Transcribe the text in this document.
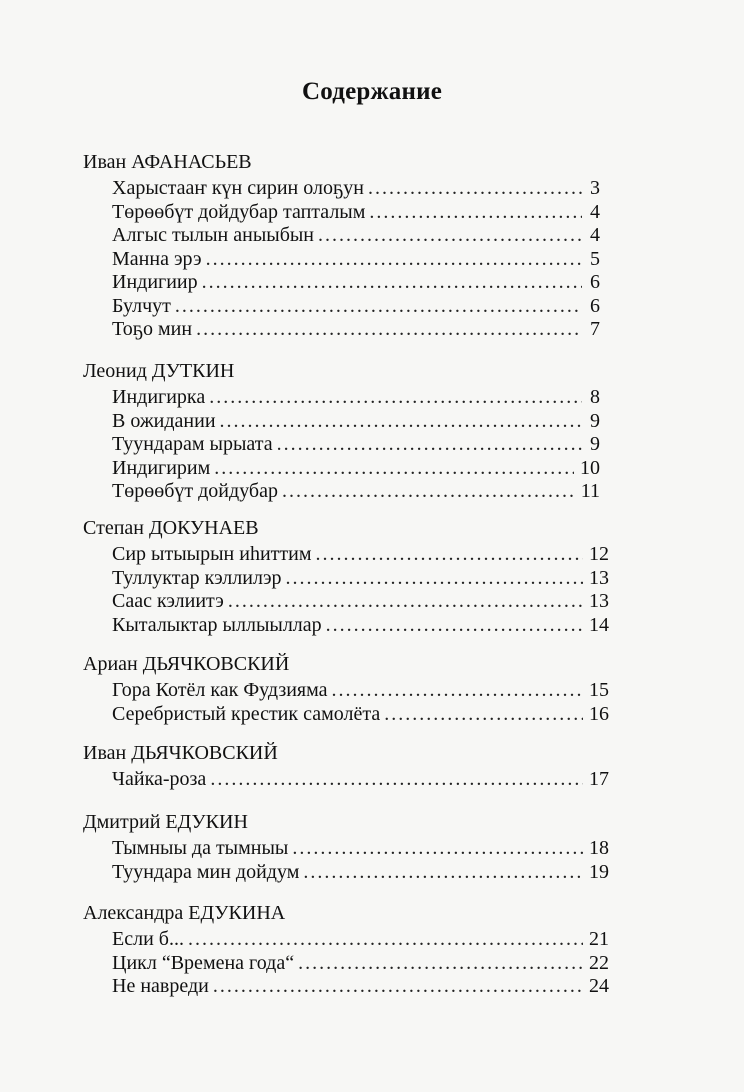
Содержание
Иван АФАНАСЬЕВ
Харыстааҥ күн сирин олоҕун .....	3
Төрөөбүт дойдубар тапталым .....	4
Алгыс тылын аныыбын .....	4
Манна эрэ .....	5
Индигиир .....	6
Булчут .....	6
Тоҕо мин .....	7
Леонид ДУТКИН
Индигирка .....	8
В ожидании .....	9
Туундарам ырыата .....	9
Индигирим .....	10
Төрөөбүт дойдубар .....	11
Степан ДОКУНАЕВ
Сир ытыырын иһиттим .....	12
Туллуктар кэллилэр .....	13
Саас кэлиитэ .....	13
Кыталыктар ыллыыллар .....	14
Ариан ДЬЯЧКОВСКИЙ
Гора Котёл как Фудзияма .....	15
Серебристый крестик самолёта .....	16
Иван ДЬЯЧКОВСКИЙ
Чайка-роза .....	17
Дмитрий ЕДУКИН
Тымныы да тымныы .....	18
Туундара мин дойдум .....	19
Александра ЕДУКИНА
Если б... .....	21
Цикл “Времена года“ .....	22
Не навреди .....	24
